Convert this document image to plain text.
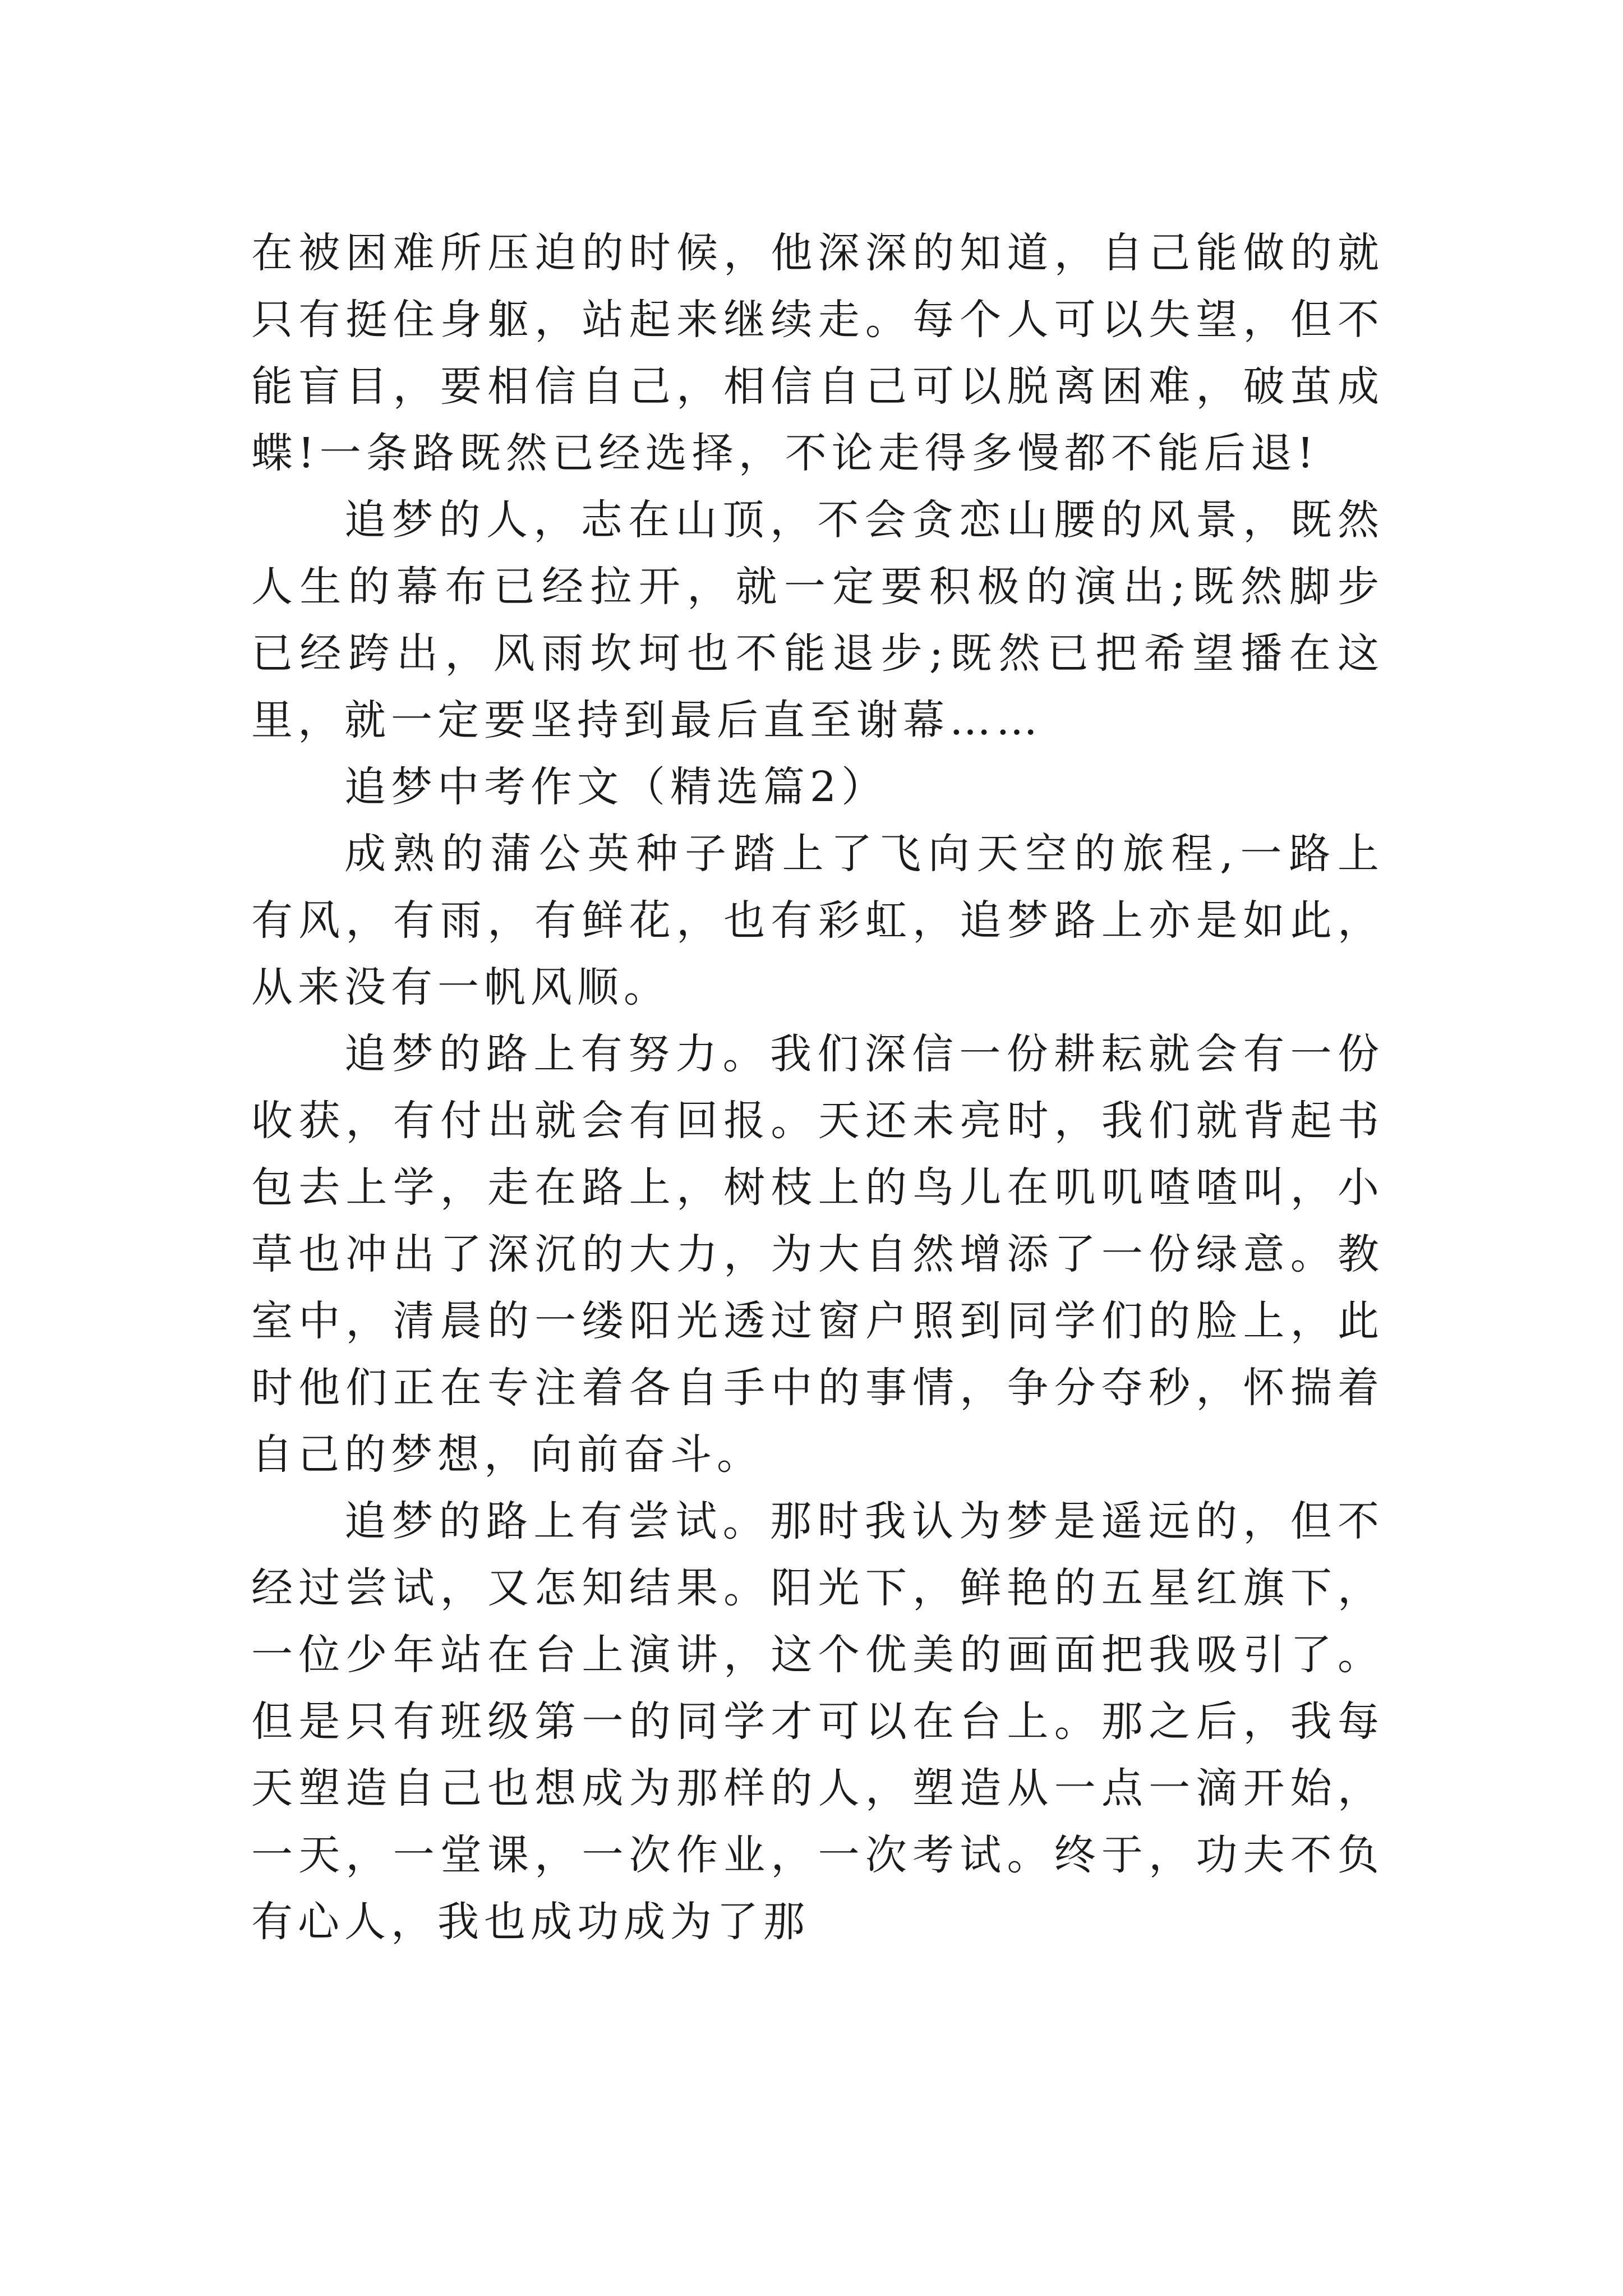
在被困难所压迫的时候，他深深的知道，自己能做的就只有挺住身躯，站起来继续走。每个人可以失望，但不能盲目，要相信自己，相信自己可以脱离困难，破茧成蝶!一条路既然已经选择，不论走得多慢都不能后退!

追梦的人，志在山顶，不会贪恋山腰的风景，既然人生的幕布已经拉开，就一定要积极的演出;既然脚步已经跨出，风雨坎坷也不能退步;既然已把希望播在这里，就一定要坚持到最后直至谢幕……

追梦中考作文（精选篇2）

成熟的蒲公英种子踏上了飞向天空的旅程,一路上有风，有雨，有鲜花，也有彩虹，追梦路上亦是如此，从来没有一帆风顺。

追梦的路上有努力。我们深信一份耕耘就会有一份收获，有付出就会有回报。天还未亮时，我们就背起书包去上学，走在路上，树枝上的鸟儿在叽叽喳喳叫，小草也冲出了深沉的大力，为大自然增添了一份绿意。教室中，清晨的一缕阳光透过窗户照到同学们的脸上，此时他们正在专注着各自手中的事情，争分夺秒，怀揣着自己的梦想，向前奋斗。

追梦的路上有尝试。那时我认为梦是遥远的，但不经过尝试，又怎知结果。阳光下，鲜艳的五星红旗下，一位少年站在台上演讲，这个优美的画面把我吸引了。但是只有班级第一的同学才可以在台上。那之后，我每天塑造自己也想成为那样的人，塑造从一点一滴开始，一天，一堂课，一次作业，一次考试。终于，功夫不负有心人，我也成功成为了那
